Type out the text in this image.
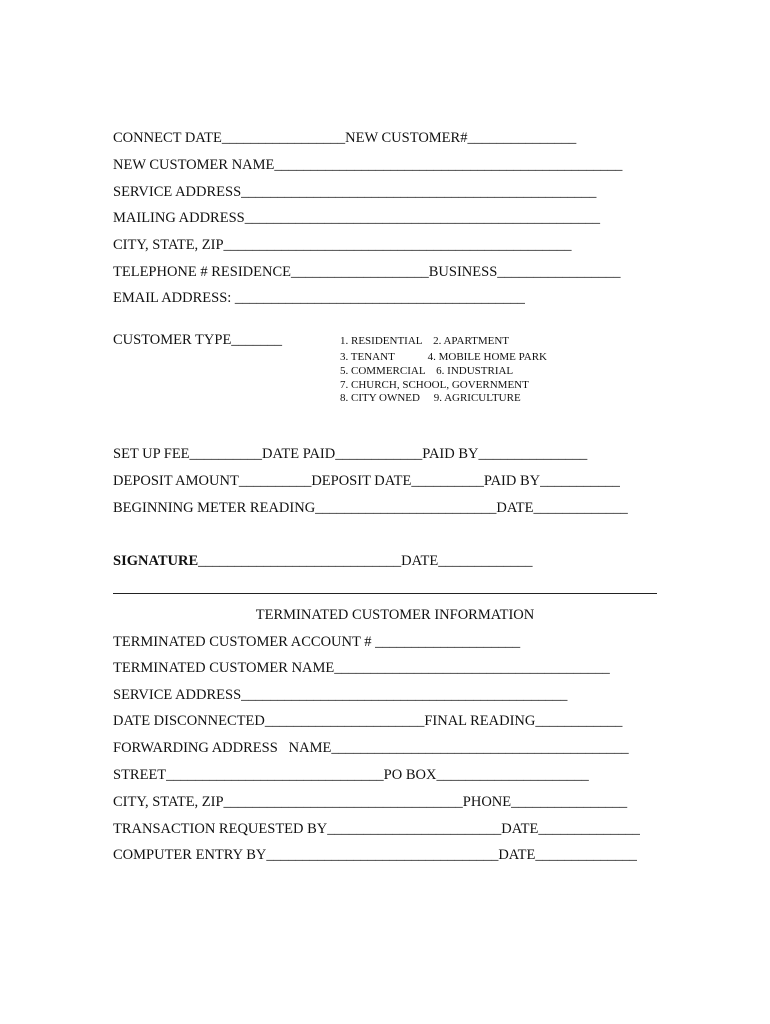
CONNECT DATE_________________NEW CUSTOMER#_______________
NEW CUSTOMER NAME________________________________________________
SERVICE ADDRESS_________________________________________________
MAILING ADDRESS_________________________________________________
CITY, STATE, ZIP________________________________________________
TELEPHONE # RESIDENCE___________________BUSINESS_________________
EMAIL ADDRESS: ________________________________________
CUSTOMER TYPE_______	1. RESIDENTIAL    2. APARTMENT
3. TENANT            4. MOBILE HOME PARK
5. COMMERCIAL    6. INDUSTRIAL
7. CHURCH, SCHOOL, GOVERNMENT
8. CITY OWNED     9. AGRICULTURE
SET UP FEE__________DATE PAID____________PAID BY_______________
DEPOSIT AMOUNT__________DEPOSIT DATE__________PAID BY___________
BEGINNING METER READING_________________________DATE_____________
SIGNATURE____________________________DATE_____________
TERMINATED CUSTOMER INFORMATION
TERMINATED CUSTOMER ACCOUNT # ____________________
TERMINATED CUSTOMER NAME______________________________________
SERVICE ADDRESS_____________________________________________
DATE DISCONNECTED______________________FINAL READING____________
FORWARDING ADDRESS   NAME_________________________________________
STREET______________________________PO BOX_____________________
CITY, STATE, ZIP_________________________________PHONE________________
TRANSACTION REQUESTED BY________________________DATE______________
COMPUTER ENTRY BY________________________________DATE______________
